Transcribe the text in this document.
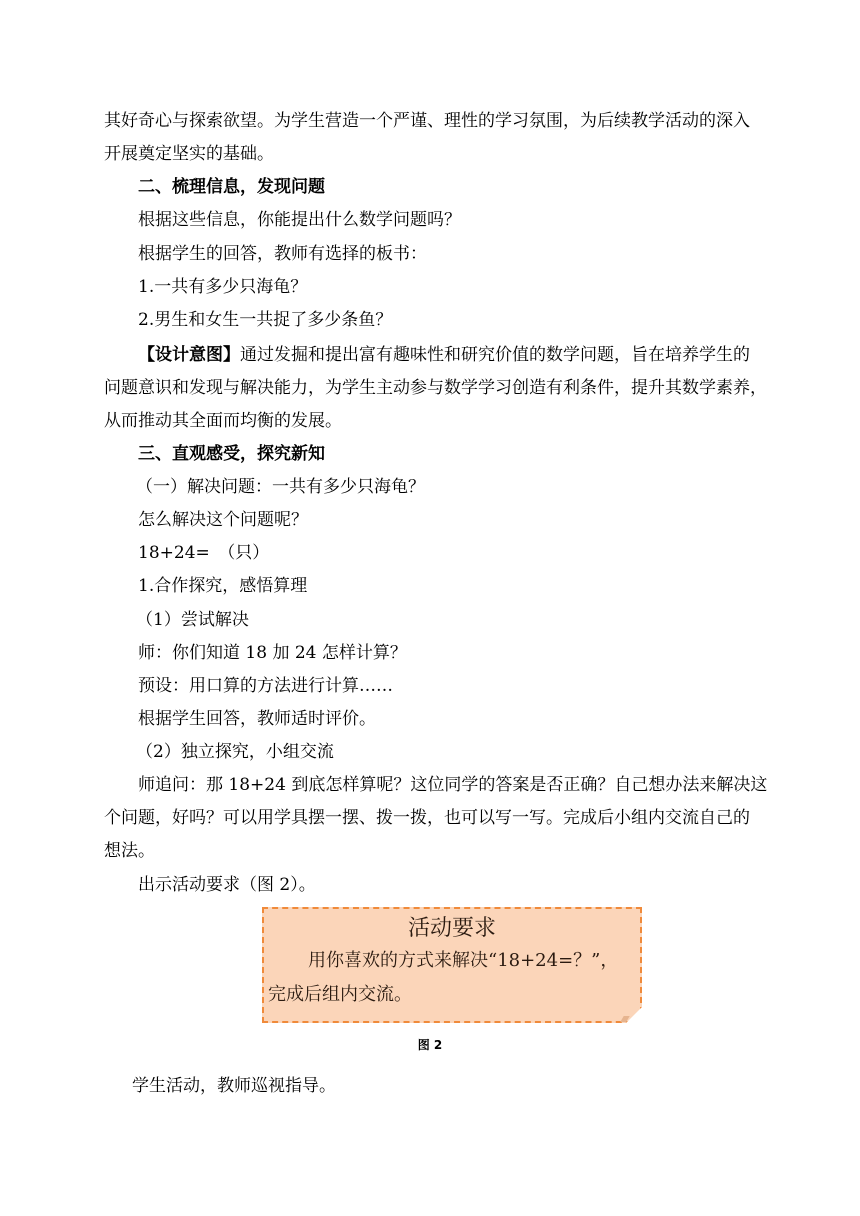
其好奇心与探索欲望。为学生营造一个严谨、理性的学习氛围，为后续教学活动的深入
开展奠定坚实的基础。
二、梳理信息，发现问题
根据这些信息，你能提出什么数学问题吗？
根据学生的回答，教师有选择的板书：
1.一共有多少只海龟？
2.男生和女生一共捉了多少条鱼？
【设计意图】通过发掘和提出富有趣味性和研究价值的数学问题，旨在培养学生的
问题意识和发现与解决能力，为学生主动参与数学学习创造有利条件，提升其数学素养，
从而推动其全面而均衡的发展。
三、直观感受，探究新知
（一）解决问题：一共有多少只海龟？
怎么解决这个问题呢？
18+24=　（只）
1.合作探究，感悟算理
（1）尝试解决
师：你们知道 18 加 24 怎样计算？
预设：用口算的方法进行计算……
根据学生回答，教师适时评价。
（2）独立探究，小组交流
师追问：那 18+24 到底怎样算呢？这位同学的答案是否正确？自己想办法来解决这
个问题，好吗？可以用学具摆一摆、拨一拨，也可以写一写。完成后小组内交流自己的
想法。
出示活动要求（图 2）。
活动要求
用你喜欢的方式来解决“18+24=？”，
完成后组内交流。
图 2
学生活动，教师巡视指导。
